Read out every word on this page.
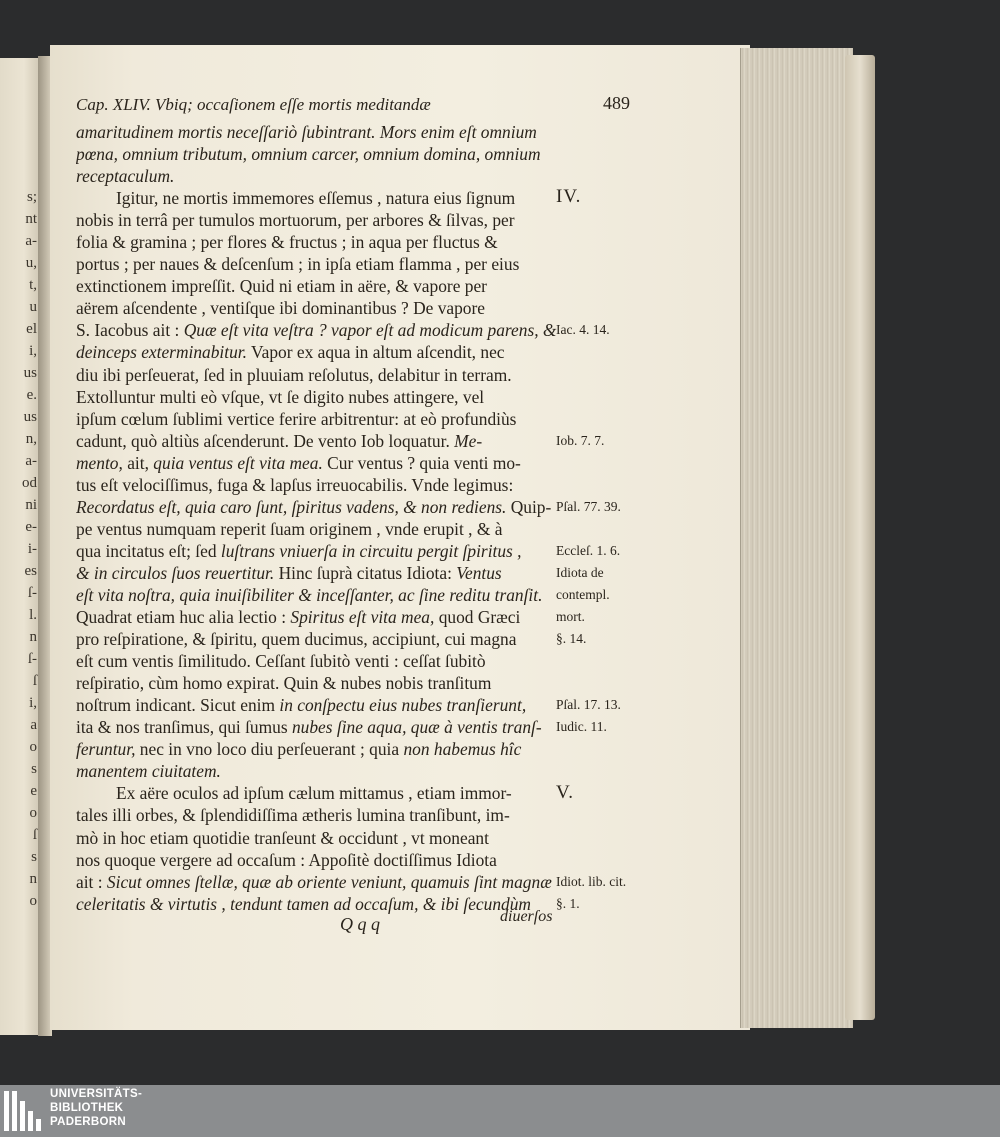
s;
nt
a-
u,
t,
u
el
i,
us
e.
us
n,
a-
od
ni
e-
i-
es
ſ-
l.
n
ſ-
ſ
i,
a
o
s
e
o
ſ
s
n
o
Cap. XLIV. Vbiq; occaſionem eſſe mortis meditandæ	489
amaritudinem mortis neceſſariò ſubintrant. Mors enim eſt omnium
pœna, omnium tributum, omnium carcer, omnium domina, omnium
receptaculum.
Igitur, ne mortis immemores eſſemus , natura eius ſignum
nobis in terrâ per tumulos mortuorum, per arbores & ſilvas, per
folia & gramina ; per flores & fructus ; in aqua per fluctus &
portus ; per naues & deſcenſum ; in ipſa etiam flamma , per eius
extinctionem impreſſit. Quid ni etiam in aëre, & vapore per
aërem aſcendente , ventiſque ibi dominantibus ? De vapore
S. Iacobus ait : Quæ eſt vita veſtra ? vapor eſt ad modicum parens, &
deinceps exterminabitur. Vapor ex aqua in altum aſcendit, nec
diu ibi perſeuerat, ſed in pluuiam reſolutus, delabitur in terram.
Extolluntur multi eò vſque, vt ſe digito nubes attingere, vel
ipſum cœlum ſublimi vertice ferire arbitrentur: at eò profundiùs
cadunt, quò altiùs aſcenderunt. De vento Iob loquatur. Me-
mento, ait, quia ventus eſt vita mea. Cur ventus ? quia venti mo-
tus eſt velociſſimus, fuga & lapſus irreuocabilis. Vnde legimus:
Recordatus eſt, quia caro ſunt, ſpiritus vadens, & non rediens. Quip-
pe ventus numquam reperit ſuam originem , vnde erupit , & à
qua incitatus eſt; ſed luſtrans vniuerſa in circuitu pergit ſpiritus ,
& in circulos ſuos reuertitur. Hinc ſuprà citatus Idiota: Ventus
eſt vita noſtra, quia inuiſibiliter & inceſſanter, ac ſine reditu tranſit.
Quadrat etiam huc alia lectio : Spiritus eſt vita mea, quod Græci
pro reſpiratione, & ſpiritu, quem ducimus, accipiunt, cui magna
eſt cum ventis ſimilitudo. Ceſſant ſubitò venti : ceſſat ſubitò
reſpiratio, cùm homo expirat. Quin & nubes nobis tranſitum
noſtrum indicant. Sicut enim in conſpectu eius nubes tranſierunt,
ita & nos tranſimus, qui ſumus nubes ſine aqua, quæ à ventis tranſ-
feruntur, nec in vno loco diu perſeuerant ; quia non habemus hîc
manentem ciuitatem.
Ex aëre oculos ad ipſum cælum mittamus , etiam immor-
tales illi orbes, & ſplendidiſſima ætheris lumina tranſibunt, im-
mò in hoc etiam quotidie tranſeunt & occidunt , vt moneant
nos quoque vergere ad occaſum : Appoſitè doctiſſimus Idiota
ait : Sicut omnes ſtellæ, quæ ab oriente veniunt, quamuis ſint magnæ
celeritatis & virtutis , tendunt tamen ad occaſum, & ibi ſecundùm
IV.
Iac. 4. 14.
Iob. 7. 7.
Pſal. 77. 39.
Eccleſ. 1. 6.
Idiota de
contempl.
mort.
§. 14.
Pſal. 17. 13.
Iudic. 11.
V.
Idiot. lib. cit.
§. 1.
Q q q	diuerſos
UNIVERSITÄTS-
BIBLIOTHEK
PADERBORN
